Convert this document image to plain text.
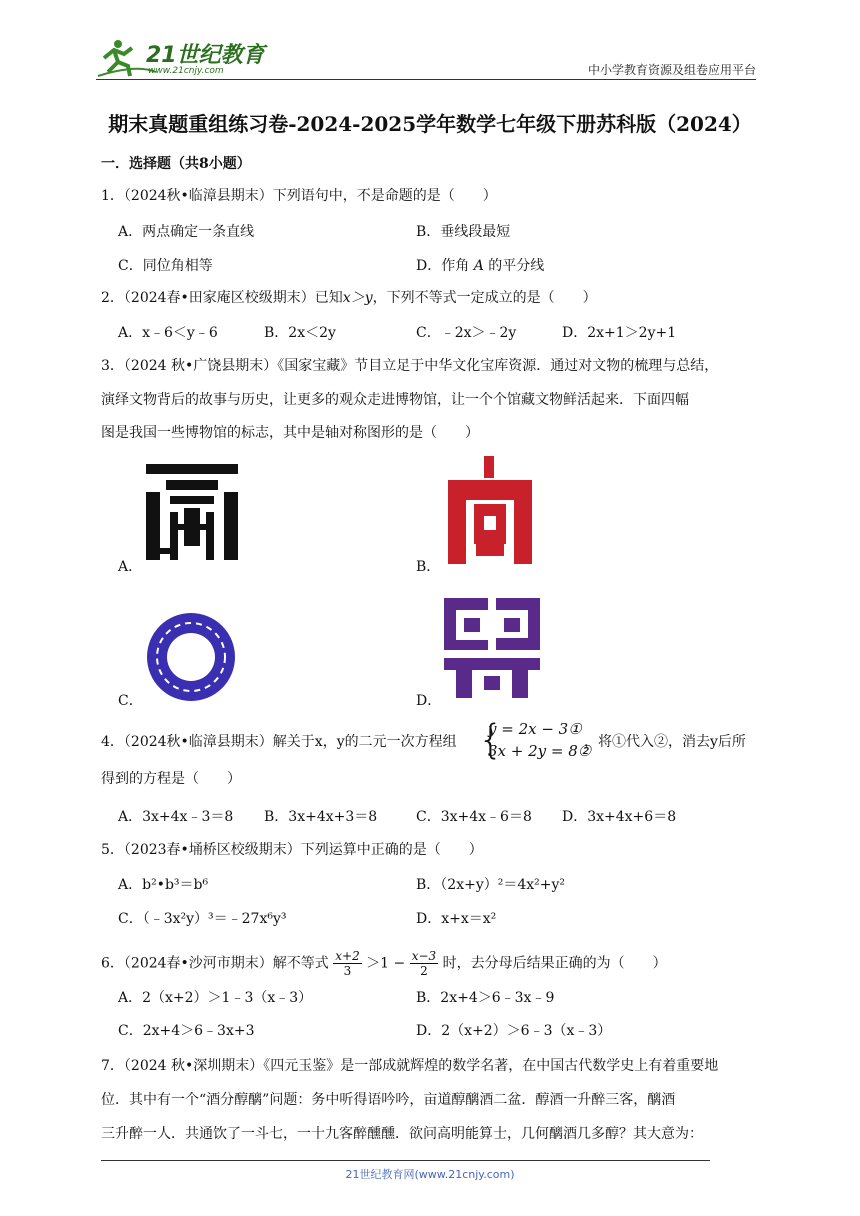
21世纪教育
www.21cnjy.com	中小学教育资源及组卷应用平台
期末真题重组练习卷-2024-2025学年数学七年级下册苏科版（2024）
一．选择题（共8小题）
1．（2024秋•临漳县期末）下列语句中，不是命题的是（　　）
A．两点确定一条直线	B．垂线段最短
C．同位角相等	D．作角 A 的平分线
2．（2024春•田家庵区校级期末）已知x＞y，下列不等式一定成立的是（　　）
A．x﹣6＜y﹣6	B．2x＜2y	C．﹣2x＞﹣2y	D．2x+1＞2y+1
3．（2024 秋•广饶县期末）《国家宝藏》节目立足于中华文化宝库资源．通过对文物的梳理与总结，
演绎文物背后的故事与历史，让更多的观众走进博物馆，让一个个馆藏文物鲜活起来．下面四幅
图是我国一些博物馆的标志，其中是轴对称图形的是（　　）
A．	B．
C．	D．
4．（2024秋•临漳县期末）解关于x，y的二元一次方程组 {
y = 2x − 3①
3x + 2y = 8②
，将①代入②，消去y后所
得到的方程是（　　）
A．3x+4x﹣3＝8 B．3x+4x+3＝8	C．3x+4x﹣6＝8 D．3x+4x+6＝8
5．（2023春•埇桥区校级期末）下列运算中正确的是（　　）
A．b²•b³＝b⁶	B．（2x+y）²＝4x²+y²
C．（﹣3x²y）³＝﹣27x⁶y³	D．x+x＝x²
6．（2024春•沙河市期末）解不等式 $\frac{x+2}{3} >1 - \frac{x-3}{2}$ 时，去分母后结果正确的为（　　）
A．2（x+2）＞1﹣3（x﹣3）	B．2x+4＞6﹣3x﹣9
C．2x+4＞6﹣3x+3	D．2（x+2）＞6﹣3（x﹣3）
7．（2024 秋•深圳期末）《四元玉鉴》是一部成就辉煌的数学名著，在中国古代数学史上有着重要地
位．其中有一个“酒分醇醨”问题：务中听得语吟吟，亩道醇醨酒二盆．醇酒一升醉三客，醨酒
三升醉一人．共通饮了一斗七，一十九客醉醺醺．欲问高明能算士，几何醨酒几多醇？其大意为：
21世纪教育网(www.21cnjy.com)
